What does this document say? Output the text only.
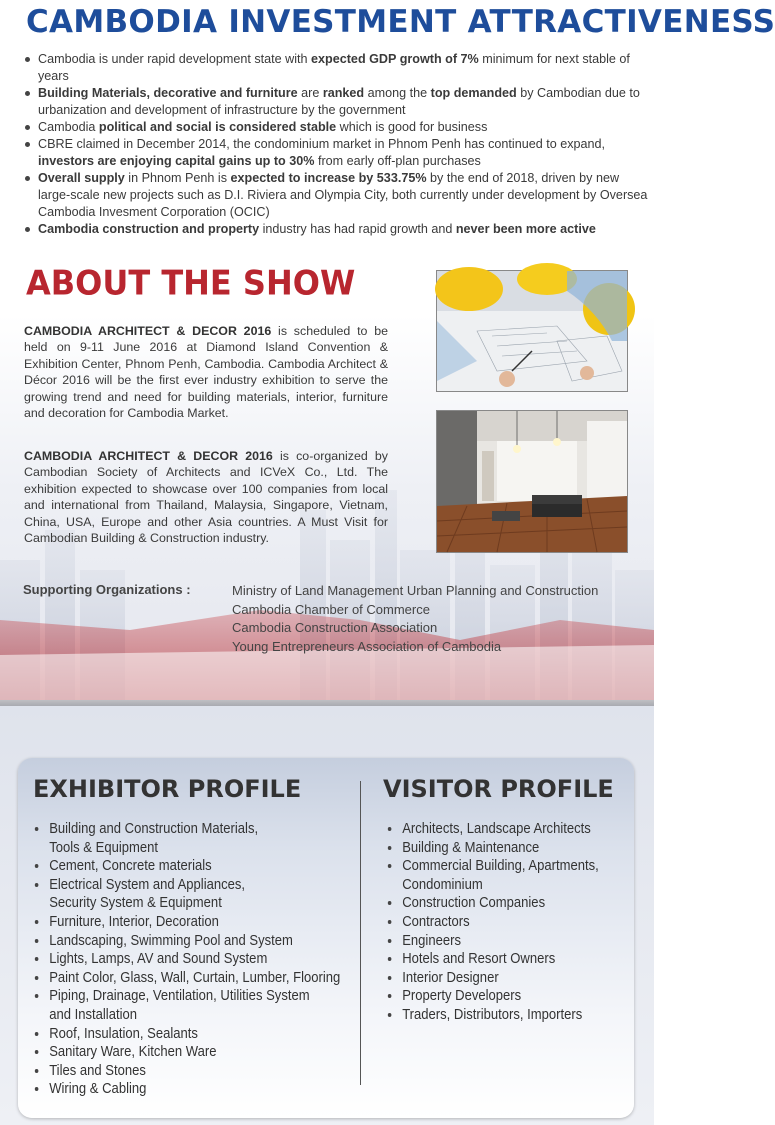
CAMBODIA INVESTMENT ATTRACTIVENESS
Cambodia is under rapid development state with expected GDP growth of 7% minimum for next stable of years
Building Materials, decorative and furniture are ranked among the top demanded by Cambodian due to urbanization and development of infrastructure by the government
Cambodia political and social is considered stable which is good for business
CBRE claimed in December 2014, the condominium market in Phnom Penh has continued to expand, investors are enjoying capital gains up to 30% from early off-plan purchases
Overall supply in Phnom Penh is expected to increase by 533.75% by the end of 2018, driven by new large-scale new projects such as D.I. Riviera and Olympia City, both currently under development by Oversea Cambodia Invesment Corporation (OCIC)
Cambodia construction and property industry has had rapid growth and never been more active
ABOUT THE SHOW

CAMBODIA ARCHITECT & DECOR 2016 is scheduled to be held on 9-11 June 2016 at Diamond Island Convention & Exhibition Center, Phnom Penh, Cambodia. Cambodia Architect & Décor 2016 will be the first ever industry exhibition to serve the growing trend and need for building materials, interior, furniture and decoration for Cambodia Market.

CAMBODIA ARCHITECT & DECOR 2016 is co-organized by Cambodian Society of Architects and ICVeX Co., Ltd. The exhibition expected to showcase over 100 companies from local and international from Thailand, Malaysia, Singapore, Vietnam, China, USA, Europe and other Asia countries. A Must Visit for Cambodian Building & Construction industry.

Supporting Organizations :	Ministry of Land Management Urban Planning and Construction
Cambodia Chamber of Commerce
Cambodia Construction Association
Young Entrepreneurs Association of Cambodia
EXHIBITOR PROFILE	VISITOR PROFILE
Building and Construction Materials,
Tools & Equipment
Cement, Concrete materials
Electrical System and Appliances,
Security System & Equipment
Furniture, Interior, Decoration
Landscaping, Swimming Pool and System
Lights, Lamps, AV and Sound System
Paint Color, Glass, Wall, Curtain, Lumber, Flooring
Piping, Drainage, Ventilation, Utilities System
and Installation
Roof, Insulation, Sealants
Sanitary Ware, Kitchen Ware
Tiles and Stones
Wiring & Cabling
Architects, Landscape Architects
Building & Maintenance
Commercial Building, Apartments,
Condominium
Construction Companies
Contractors
Engineers
Hotels and Resort Owners
Interior Designer
Property Developers
Traders, Distributors, Importers
